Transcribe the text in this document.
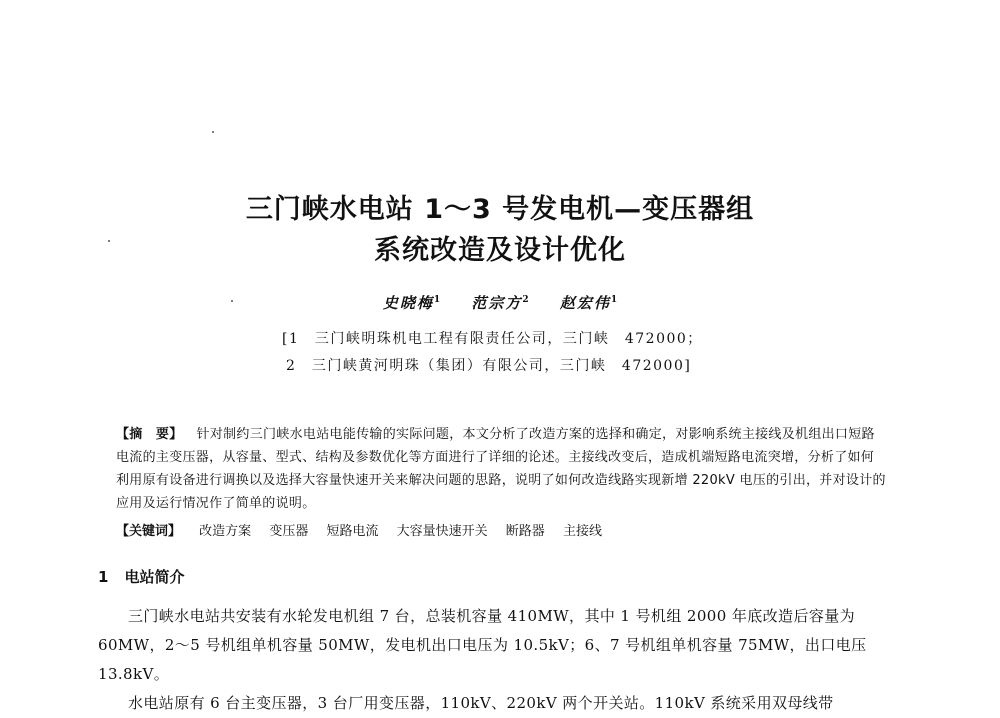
三门峡水电站 1～3 号发电机—变压器组
系统改造及设计优化
史晓梅$^1$ 范宗方$^2$ 赵宏伟$^1$
[1　三门峡明珠机电工程有限责任公司，三门峡　472000；
2　三门峡黄河明珠（集团）有限公司，三门峡　472000]
【摘　要】 针对制约三门峡水电站电能传输的实际问题，本文分析了改造方案的选择和确定，对影响系统主接线及机组出口短路电流的主变压器，从容量、型式、结构及参数优化等方面进行了详细的论述。主接线改变后，造成机端短路电流突增，分析了如何利用原有设备进行调换以及选择大容量快速开关来解决问题的思路，说明了如何改造线路实现新增 220kV 电压的引出，并对设计的应用及运行情况作了简单的说明。
【关键词】 改造方案 变压器 短路电流 大容量快速开关 断路器 主接线
1 电站简介

三门峡水电站共安装有水轮发电机组 7 台，总装机容量 410MW，其中 1 号机组 2000 年底改造后容量为 60MW，2～5 号机组单机容量 50MW，发电机出口电压为 10.5kV；6、7 号机组单机容量 75MW，出口电压 13.8kV。

水电站原有 6 台主变压器，3 台厂用变压器，110kV、220kV 两个开关站。110kV 系统采用双母线带
